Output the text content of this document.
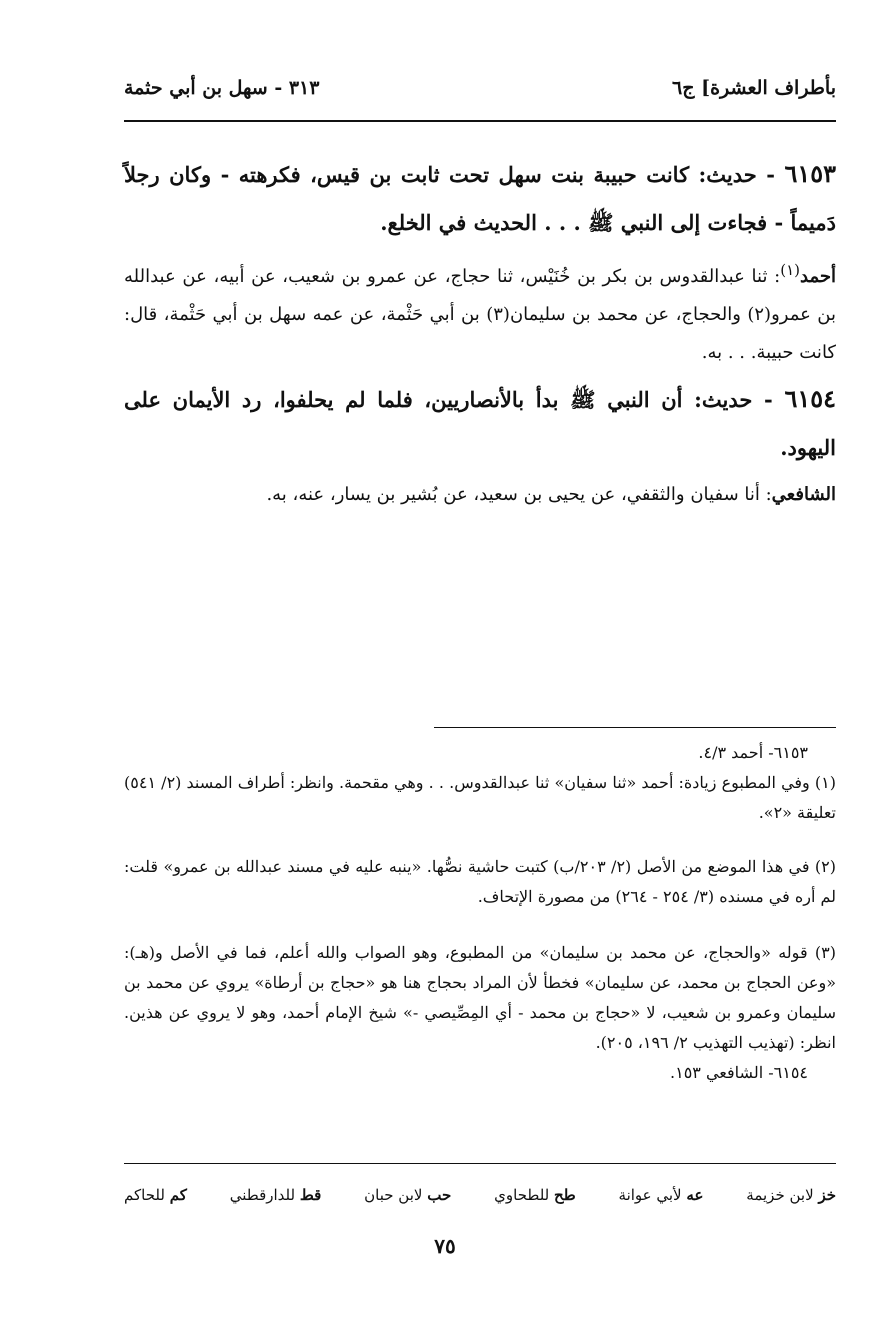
بأطراف العشرة] ج٦
٣١٣ - سهل بن أبي حثمة

٦١٥٣ - حديث: كانت حبيبة بنت سهل تحت ثابت بن قيس، فكرهته - وكان رجلاً دَميماً - فجاءت إلى النبي ﷺ . . . الحديث في الخلع.

أحمد$^{(١)}$: ثنا عبدالقدوس بن بكر بن خُنَيْس، ثنا حجاج، عن عمرو بن شعيب، عن أبيه، عن عبدالله بن عمرو(٢) والحجاج، عن محمد بن سليمان(٣) بن أبي حَثْمة، عن عمه سهل بن أبي حَثْمة، قال: كانت حبيبة. . . به.

٦١٥٤ - حديث: أن النبي ﷺ بدأ بالأنصاريين، فلما لم يحلفوا، رد الأيمان على اليهود.

الشافعي: أنا سفيان والثقفي، عن يحيى بن سعيد، عن بُشير بن يسار، عنه، به.

٦١٥٣- أحمد ٤/٣.

(١) وفي المطبوع زيادة: أحمد «ثنا سفيان» ثنا عبدالقدوس. . . وهي مقحمة. وانظر: أطراف المسند (٢/ ٥٤١) تعليقة «٢».

(٢) في هذا الموضع من الأصل (٢/ ٢٠٣/ب) كتبت حاشية نصُّها. «ينبه عليه في مسند عبدالله بن عمرو» قلت: لم أره في مسنده (٣/ ٢٥٤ - ٢٦٤) من مصورة الإتحاف.

(٣) قوله «والحجاج، عن محمد بن سليمان» من المطبوع، وهو الصواب والله أعلم، فما في الأصل و(هـ): «وعن الحجاج بن محمد، عن سليمان» فخطأ لأن المراد بحجاج هنا هو «حجاج بن أرطاة» يروي عن محمد بن سليمان وعمرو بن شعيب، لا «حجاج بن محمد - أي المِصِّيصي -» شيخ الإمام أحمد، وهو لا يروي عن هذين. انظر: (تهذيب التهذيب ٢/ ١٩٦، ٢٠٥).

٦١٥٤- الشافعي ١٥٣.

خز لابن خزيمة
عه لأبي عوانة
طح للطحاوي
حب لابن حبان
قط للدارقطني
كم للحاكم
٧٥
